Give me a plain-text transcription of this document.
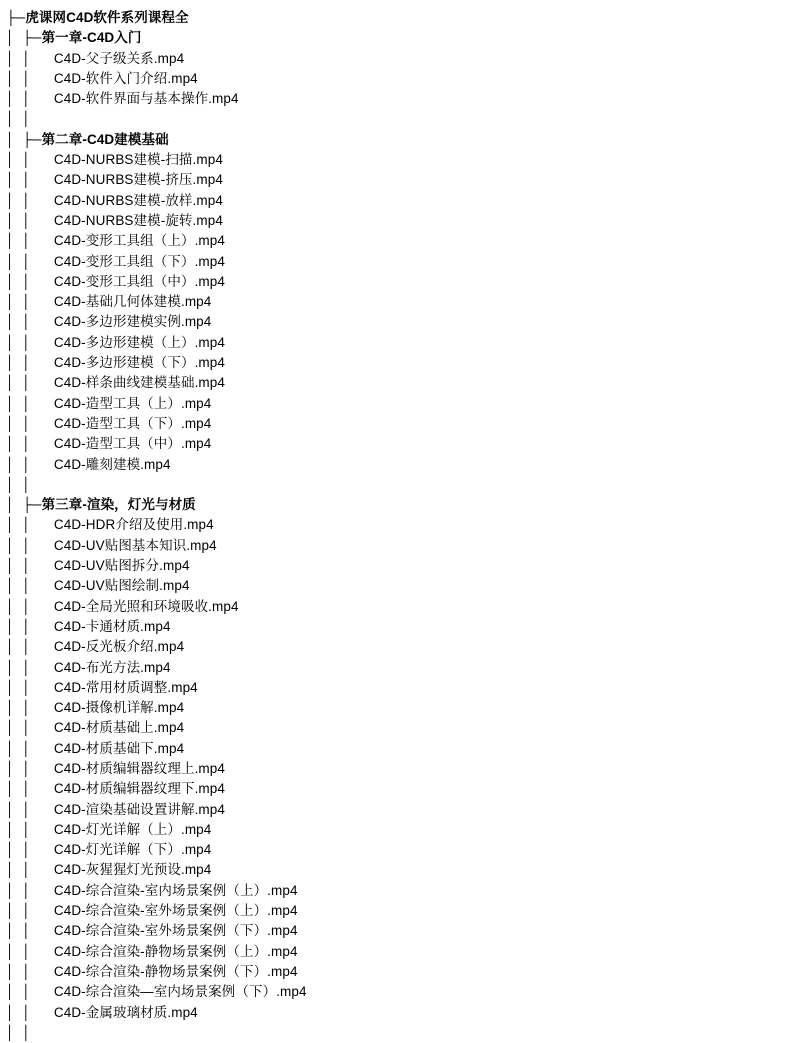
├─虎课网C4D软件系列课程全
│  ├─第一章-C4D入门
│  │      C4D-父子级关系.mp4
│  │      C4D-软件入门介绍.mp4
│  │      C4D-软件界面与基本操作.mp4
│  │
│  ├─第二章-C4D建模基础
│  │      C4D-NURBS建模-扫描.mp4
│  │      C4D-NURBS建模-挤压.mp4
│  │      C4D-NURBS建模-放样.mp4
│  │      C4D-NURBS建模-旋转.mp4
│  │      C4D-变形工具组（上）.mp4
│  │      C4D-变形工具组（下）.mp4
│  │      C4D-变形工具组（中）.mp4
│  │      C4D-基础几何体建模.mp4
│  │      C4D-多边形建模实例.mp4
│  │      C4D-多边形建模（上）.mp4
│  │      C4D-多边形建模（下）.mp4
│  │      C4D-样条曲线建模基础.mp4
│  │      C4D-造型工具（上）.mp4
│  │      C4D-造型工具（下）.mp4
│  │      C4D-造型工具（中）.mp4
│  │      C4D-雕刻建模.mp4
│  │
│  ├─第三章-渲染，灯光与材质
│  │      C4D-HDR介绍及使用.mp4
│  │      C4D-UV贴图基本知识.mp4
│  │      C4D-UV贴图拆分.mp4
│  │      C4D-UV贴图绘制.mp4
│  │      C4D-全局光照和环境吸收.mp4
│  │      C4D-卡通材质.mp4
│  │      C4D-反光板介绍.mp4
│  │      C4D-布光方法.mp4
│  │      C4D-常用材质调整.mp4
│  │      C4D-摄像机详解.mp4
│  │      C4D-材质基础上.mp4
│  │      C4D-材质基础下.mp4
│  │      C4D-材质编辑器纹理上.mp4
│  │      C4D-材质编辑器纹理下.mp4
│  │      C4D-渲染基础设置讲解.mp4
│  │      C4D-灯光详解（上）.mp4
│  │      C4D-灯光详解（下）.mp4
│  │      C4D-灰猩猩灯光预设.mp4
│  │      C4D-综合渲染-室内场景案例（上）.mp4
│  │      C4D-综合渲染-室外场景案例（上）.mp4
│  │      C4D-综合渲染-室外场景案例（下）.mp4
│  │      C4D-综合渲染-静物场景案例（上）.mp4
│  │      C4D-综合渲染-静物场景案例（下）.mp4
│  │      C4D-综合渲染—室内场景案例（下）.mp4
│  │      C4D-金属玻璃材质.mp4
│  │
